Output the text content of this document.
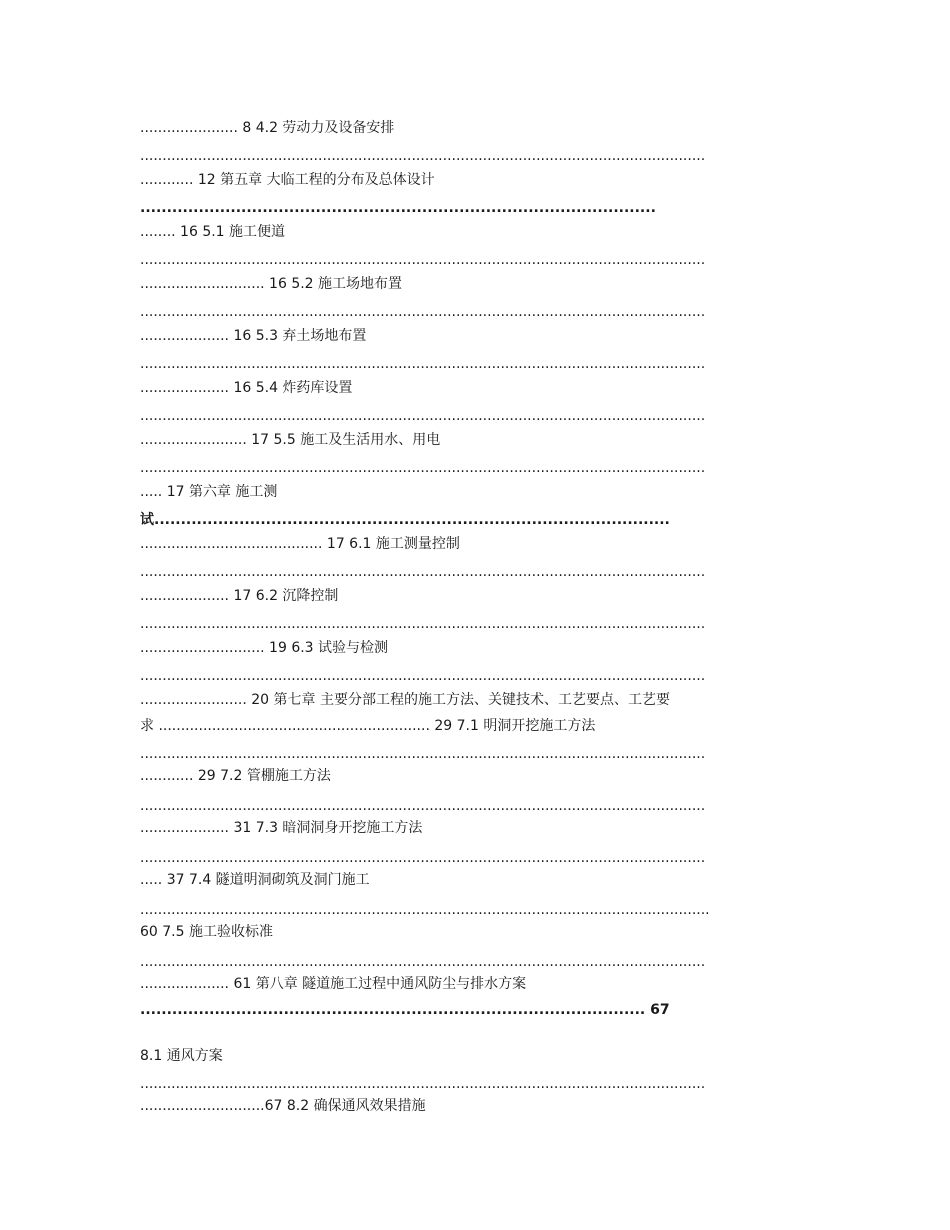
...................... 8 4.2 劳动力及设备安排
...............................................................................................................................
............ 12 第五章 大临工程的分布及总体设计
.................................................................................................
........ 16 5.1 施工便道
...............................................................................................................................
............................ 16 5.2 施工场地布置
...............................................................................................................................
.................... 16 5.3 弃土场地布置
...............................................................................................................................
.................... 16 5.4 炸药库设置
...............................................................................................................................
........................ 17 5.5 施工及生活用水、用电
...............................................................................................................................
..... 17 第六章 施工测
试.................................................................................................
......................................... 17 6.1 施工测量控制
...............................................................................................................................
.................... 17 6.2 沉降控制
...............................................................................................................................
............................ 19 6.3 试验与检测
...............................................................................................................................
........................ 20 第七章 主要分部工程的施工方法、关键技术、工艺要点、工艺要
求 ............................................................. 29 7.1 明洞开挖施工方法
...............................................................................................................................
............ 29 7.2 管棚施工方法
...............................................................................................................................
.................... 31 7.3 暗洞洞身开挖施工方法
...............................................................................................................................
..... 37 7.4 隧道明洞砌筑及洞门施工
................................................................................................................................
60 7.5 施工验收标准
...............................................................................................................................
.................... 61 第八章 隧道施工过程中通风防尘与排水方案
............................................................................................... 67
8.1 通风方案
...............................................................................................................................
............................67 8.2 确保通风效果措施
